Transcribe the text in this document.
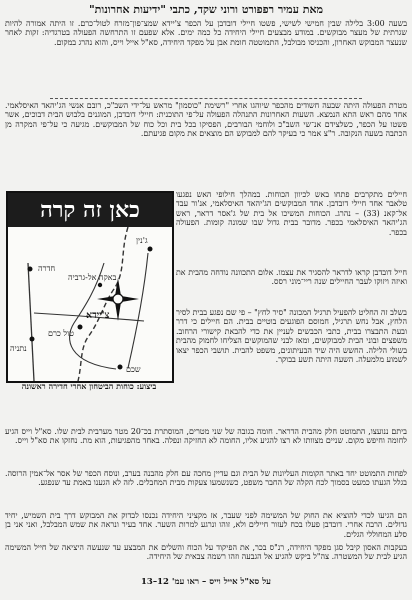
מאת עמיר רפפורט ורוני שקד, כתבי "ידיעות אחרונות"

בשעה 3:00 בלילה שבין חמישי לשישי, פשטו חיילי דובדבן על הכפר צ'יידא שמצ־פון־מזרח לטול־כרם. זו היתה אמורה להיות שגרתית של מעצר מבוקשים. במודע מבצעים חיילי היחידה כל כמה ימים. אלא שפעם זו התרחשה הפעולה בטרגדיה: זקות לאחר שנעצר המבוקש האחרון, והכניסו מבולבל, התמוטטה חומת אבן על מפקד היחידה, סא"ל אייל וייס, והוא נהרג במקום.

מטרת הפעולה היתה שבעה חשודים מהכפר שיוהגו אחרי "רשימת "כוסמון" מראש על־ידי השב"כ, רובם אנשי הג'יהאד האיסלאמי. אחד מהם ראש התא הנמצא. השעות האחרונות התנהלה הפעולה על־פי התוכנית: חיילי דובדבן, המוגנים בלבוש הבית דבוכים, אשר פשטו על הכפר, כשלצידם אנ־שי השב"כ ולוחמי הבורבים, הפסיקו בכל בית וכל כוח של המבוקשים. מגיעה כי על־פי המקרה מן הכתבה בשעה הנקובה. ר"צ אמר כי בעיקר להם למבוקש הם מוצאים את מקום פגיעתם.

חיילים מתקרבים פתחו באש לכיוון הכוחות. במהלך חילופי האש נפגעו טלאבר אחד חיילי דובדבן. אחד המבוקשים הג'יהאד האיסלאמי, אנ'ור עבד אל־קאנ (33) – נהרג. הכוחות המשיכו אל בית של ג'אסר דראר, ראש הג'יהאד האיסלאמי בכפר. מדובר בבית גדול שבו שמונה קומות. הפעולה בכפר.

חייל דובדבן קראו לדראר להסגיר את עצמו. אלום התכוונה נודחה מהבית את ואיזה ויזוקו לעבר החיילים שנה ריי־מוני רסס.

בשלב זה החליט להפעיל תרגיל המכונה "סיר לחץ" – פי שם נפגע בבית לסיר הלחץ, אבל נחש תרגיל, חמוסם הפוגעים בוטיים בבית. הם חיילים כי דרר ובעת התבצרו בבית, כתבי הכבשים לעניין את כדי להבאת קישורי הרחוב. משפצים ובוני הבית למבוקשים, ומאז לבני שהמוקשים הצליחו לחמוק מהבית בשולי הלילה. החשש היה שיד הבעיתונים, משפט להבית. תושבי הכפר יצאו לשמוע מלמעלה. השעה היתה תשע בבוקר.

כאן זה קרה
חדרה
ג'נין
באקה אל-גרביה
צ'יידא
טול כרם
נתניה
שכם
ביצוע: כוחות הביטחון אחרי חדירה ראשונה

ביתם ננועצו, התמוטט חלק מהבית הדראר. חומה בגובה של שני מטרים, המוסתרת בכ־20 מטר מערבית לבית שלו. סא"ל וייס הגיע לחומה וחיפש מקום. שניים מצוותו לא רצו להגיע אליו, החומה לא החזיקה ונפלה. באחד מהפגיעות, הוא מת. נחזקו את סא"ל וייס.

לפחות התמוטט יחד באתר הקומות העליונות של הבית וגם עדיין מחכה עם חלק מהבנה בערב, ונוסח הכפר של אסר אל־אמין הרוסה. בגלל הגעתו כמעט בסמוך לכח הקלה של החבר משפט, כשנשמעו צעקות מבית המחבלים. לזה לא הגענו באמת עד שנפגע.

הם הגיעו לכדי להוציא את החוק של המשימה לפני שעבר, אז מקציני היחידה נכנסו לבדוק את המבוקש דרך בית השמיש, יחיד גדולים. הרבה אחרי. דובדבן פעלו בכח לעזור חיילים ולא, זוהו ונרגע למרות השער. אחד בעיר ונראה את שמש המבלבל, ואני אני בן סלע המחוללי הגלים.

בעקבות האסון קיבל סגן מפקד היחידה, רנ"ס בכר, את הפיקוד על הכוח והשלים את המבצע עד שנעשה היציאה של חייל המשימה הגיע לבית של המשטרה. צה"ל ביקש להגיע אל הגבעה וזהו רשמה צבאית של היחידה.

על סא"ל אייל וייס – ראו עמ' 12–13
